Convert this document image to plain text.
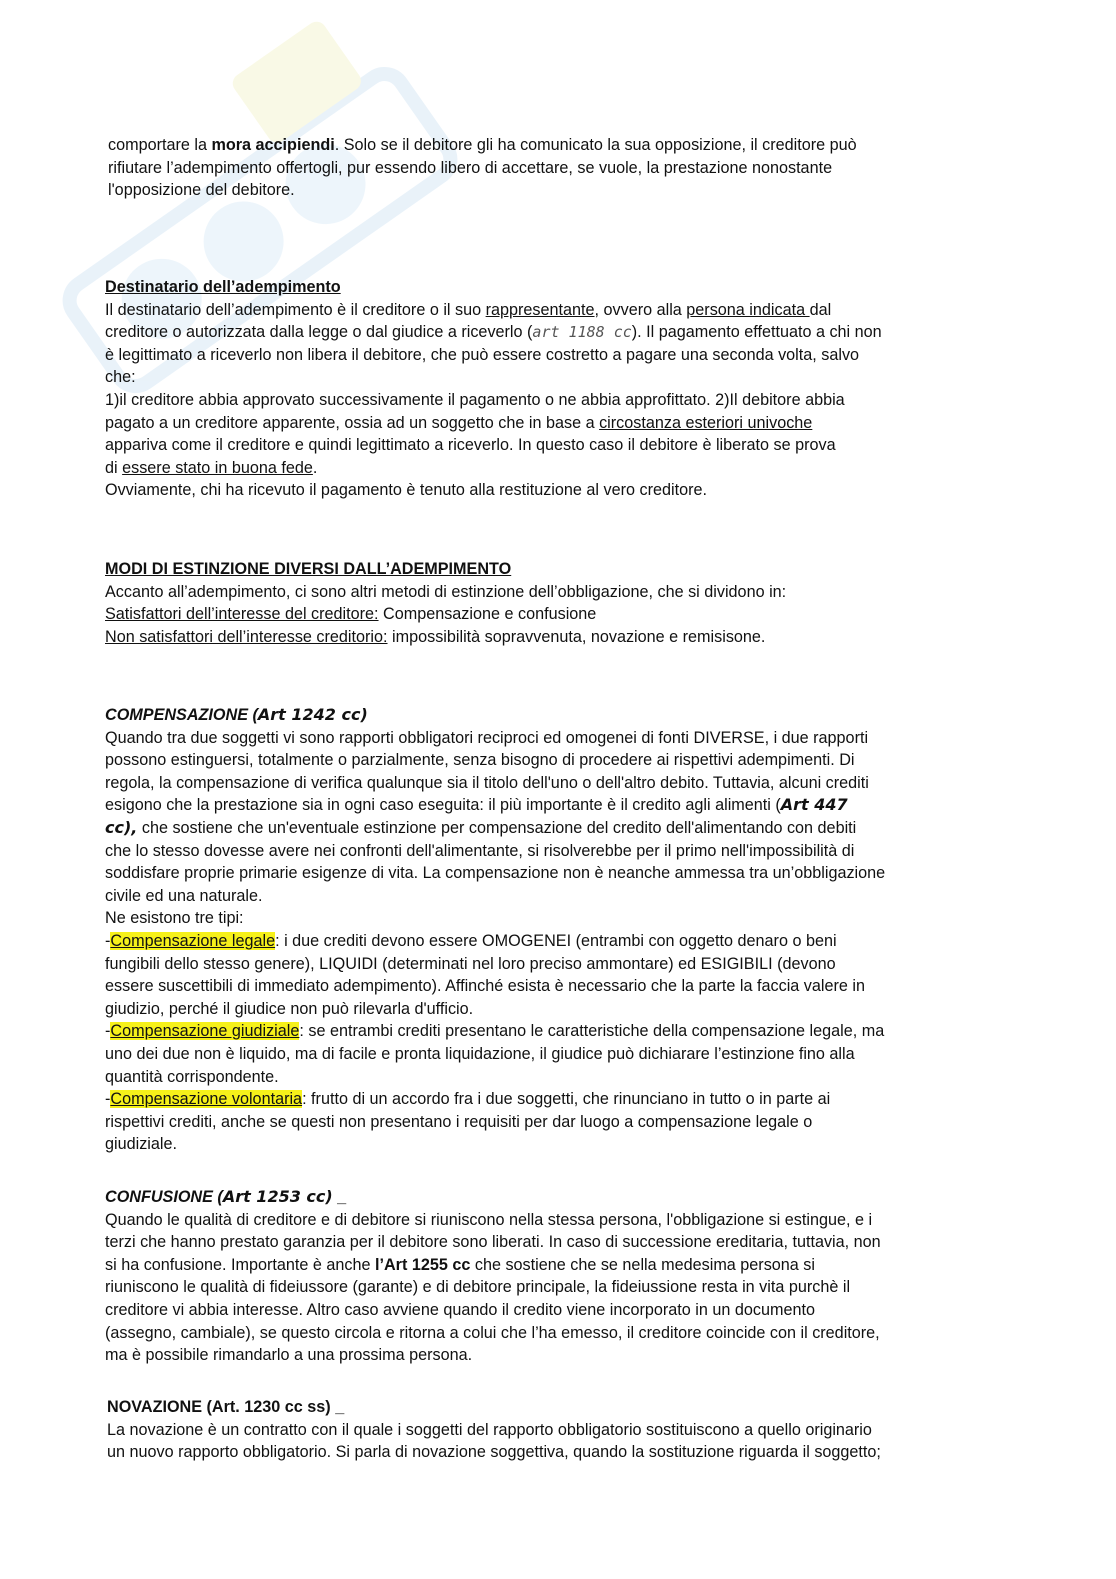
comportare la mora accipiendi. Solo se il debitore gli ha comunicato la sua opposizione, il creditore può
rifiutare l’adempimento offertogli, pur essendo libero di accettare, se vuole, la prestazione nonostante
l'opposizione del debitore.
Destinatario dell’adempimento
Il destinatario dell’adempimento è il creditore o il suo rappresentante, ovvero alla persona indicata dal
creditore o autorizzata dalla legge o dal giudice a riceverlo (art 1188 cc). Il pagamento effettuato a chi non
è legittimato a riceverlo non libera il debitore, che può essere costretto a pagare una seconda volta, salvo
che:
1)il creditore abbia approvato successivamente il pagamento o ne abbia approfittato. 2)Il debitore abbia
pagato a un creditore apparente, ossia ad un soggetto che in base a circostanza esteriori univoche
apparivа come il creditore e quindi legittimato a riceverlo. In questo caso il debitore è liberato se prova
di essere stato in buona fede.
Ovviamente, chi ha ricevuto il pagamento è tenuto alla restituzione al vero creditore.
MODI DI ESTINZIONE DIVERSI DALL’ADEMPIMENTO
Accanto all’adempimento, ci sono altri metodi di estinzione dell’obbligazione, che si dividono in:
Satisfattori dell’interesse del creditore: Compensazione e confusione
Non satisfattori dell’interesse creditorio: impossibilità sopravvenuta, novazione e remisisone.
COMPENSAZIONE (Art 1242 cc)
Quando tra due soggetti vi sono rapporti obbligatori reciproci ed omogenei di fonti DIVERSE, i due rapporti
possono estinguersi, totalmente o parzialmente, senza bisogno di procedere ai rispettivi adempimenti. Di
regola, la compensazione di verifica qualunque sia il titolo dell'uno o dell'altro debito. Tuttavia, alcuni crediti
esigono che la prestazione sia in ogni caso eseguita: il più importante è il credito agli alimenti (Art 447
cc), che sostiene che un'eventuale estinzione per compensazione del credito dell'alimentando con debiti
che lo stesso dovesse avere nei confronti dell'alimentante, si risolverebbe per il primo nell'impossibilità di
soddisfare proprie primarie esigenze di vita. La compensazione non è neanche ammessa tra un’obbligazione
civile ed una naturale.
Ne esistono tre tipi:
-Compensazione legale: i due crediti devono essere OMOGENEI (entrambi con oggetto denaro o beni
fungibili dello stesso genere), LIQUIDI (determinati nel loro preciso ammontare) ed ESIGIBILI (devono
essere suscettibili di immediato adempimento). Affinché esista è necessario che la parte la faccia valere in
giudizio, perché il giudice non può rilevarla d'ufficio.
-Compensazione giudiziale: se entrambi crediti presentano le caratteristiche della compensazione legale, ma
uno dei due non è liquido, ma di facile e pronta liquidazione, il giudice può dichiarare l’estinzione fino alla
quantità corrispondente.
-Compensazione volontaria: frutto di un accordo fra i due soggetti, che rinunciano in tutto o in parte ai
rispettivi crediti, anche se questi non presentano i requisiti per dar luogo a compensazione legale o
giudiziale.
CONFUSIONE (Art 1253 cc) _
Quando le qualità di creditore e di debitore si riuniscono nella stessa persona, l'obbligazione si estingue, e i
terzi che hanno prestato garanzia per il debitore sono liberati. In caso di successione ereditaria, tuttavia, non
si ha confusione. Importante è anche l’Art 1255 cc che sostiene che se nella medesima persona si
riuniscono le qualità di fideiussore (garante) e di debitore principale, la fideiussione resta in vita purchè il
creditore vi abbia interesse. Altro caso avviene quando il credito viene incorporato in un documento
(assegno, cambiale), se questo circola e ritorna a colui che l’ha emesso, il creditore coincide con il creditore,
ma è possibile rimandarlo a una prossima persona.
NOVAZIONE (Art. 1230 cc ss) _
La novazione è un contratto con il quale i soggetti del rapporto obbligatorio sostituiscono a quello originario
un nuovo rapporto obbligatorio. Si parla di novazione soggettiva, quando la sostituzione riguarda il soggetto;
